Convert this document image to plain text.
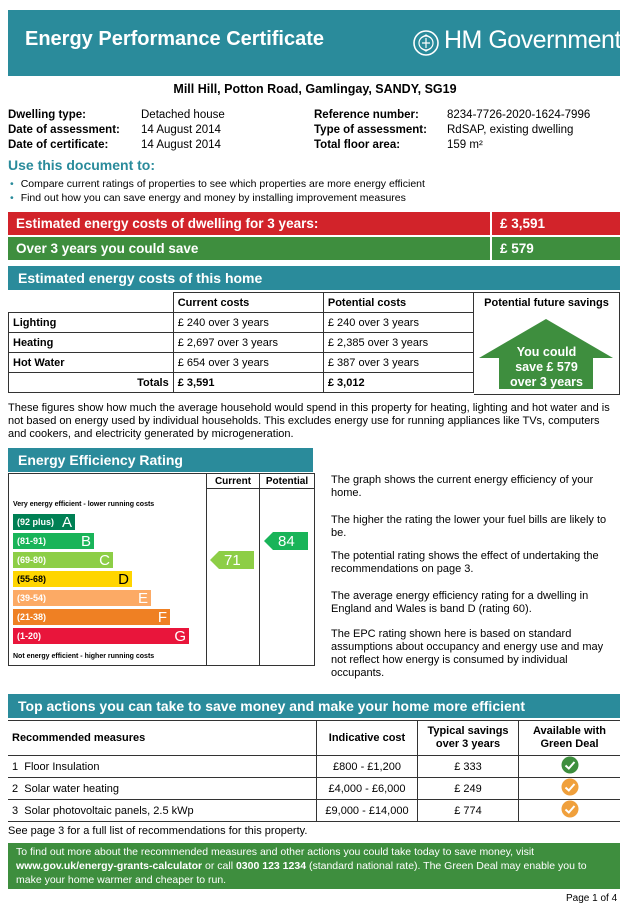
Energy Performance Certificate	HM Government
Mill Hill, Potton Road, Gamlingay, SANDY, SG19
Dwelling type:	Detached house
Date of assessment: 14 August 2014
Date of certificate:	14 August 2014
Reference number: 8234-7726-2020-1624-7996
Type of assessment: RdSAP, existing dwelling
Total floor area:	159 m²
Use this document to:
• Compare current ratings of properties to see which properties are more energy efficient
• Find out how you can save energy and money by installing improvement measures
Estimated energy costs of dwelling for 3 years:	£ 3,591
Over 3 years you could save	£ 579
Estimated energy costs of this home
	Current costs	Potential costs
Lighting	£ 240 over 3 years	£ 240 over 3 years
Heating	£ 2,697 over 3 years	£ 2,385 over 3 years
Hot Water	£ 654 over 3 years	£ 387 over 3 years
Totals	£ 3,591	£ 3,012
Potential future savings
You could
save £ 579
over 3 years
These figures show how much the average household would spend in this property for heating, lighting and hot water and is not based on energy used by individual households. This excludes energy use for running appliances like TVs, computers and cookers, and electricity generated by microgeneration.
Energy Efficiency Rating
Current	Potential
Very energy efficient - lower running costs
(92 plus) A
(81-91) B
(69-80)	C
(55-68)	D
(39-54)	E
(21-38)	F
(1-20)	G
Not energy efficient - higher running costs
71
84
The graph shows the current energy efficiency of your home.
The higher the rating the lower your fuel bills are likely to be.
The potential rating shows the effect of undertaking the recommendations on page 3.
The average energy efficiency rating for a dwelling in England and Wales is band D (rating 60).
The EPC rating shown here is based on standard assumptions about occupancy and energy use and may not reflect how energy is consumed by individual occupants.
Top actions you can take to save money and make your home more efficient
Recommended measures	Indicative cost	Typical savings
over 3 years	Available with
Green Deal
1 Floor Insulation	£800 - £1,200	£ 333	
2 Solar water heating	£4,000 - £6,000	£ 249	
3 Solar photovoltaic panels, 2.5 kWp	£9,000 - £14,000	£ 774	
See page 3 for a full list of recommendations for this property.
To find out more about the recommended measures and other actions you could take today to save money, visit
www.gov.uk/energy-grants-calculator or call 0300 123 1234 (standard national rate). The Green Deal may enable you to
make your home warmer and cheaper to run.
Page 1 of 4
